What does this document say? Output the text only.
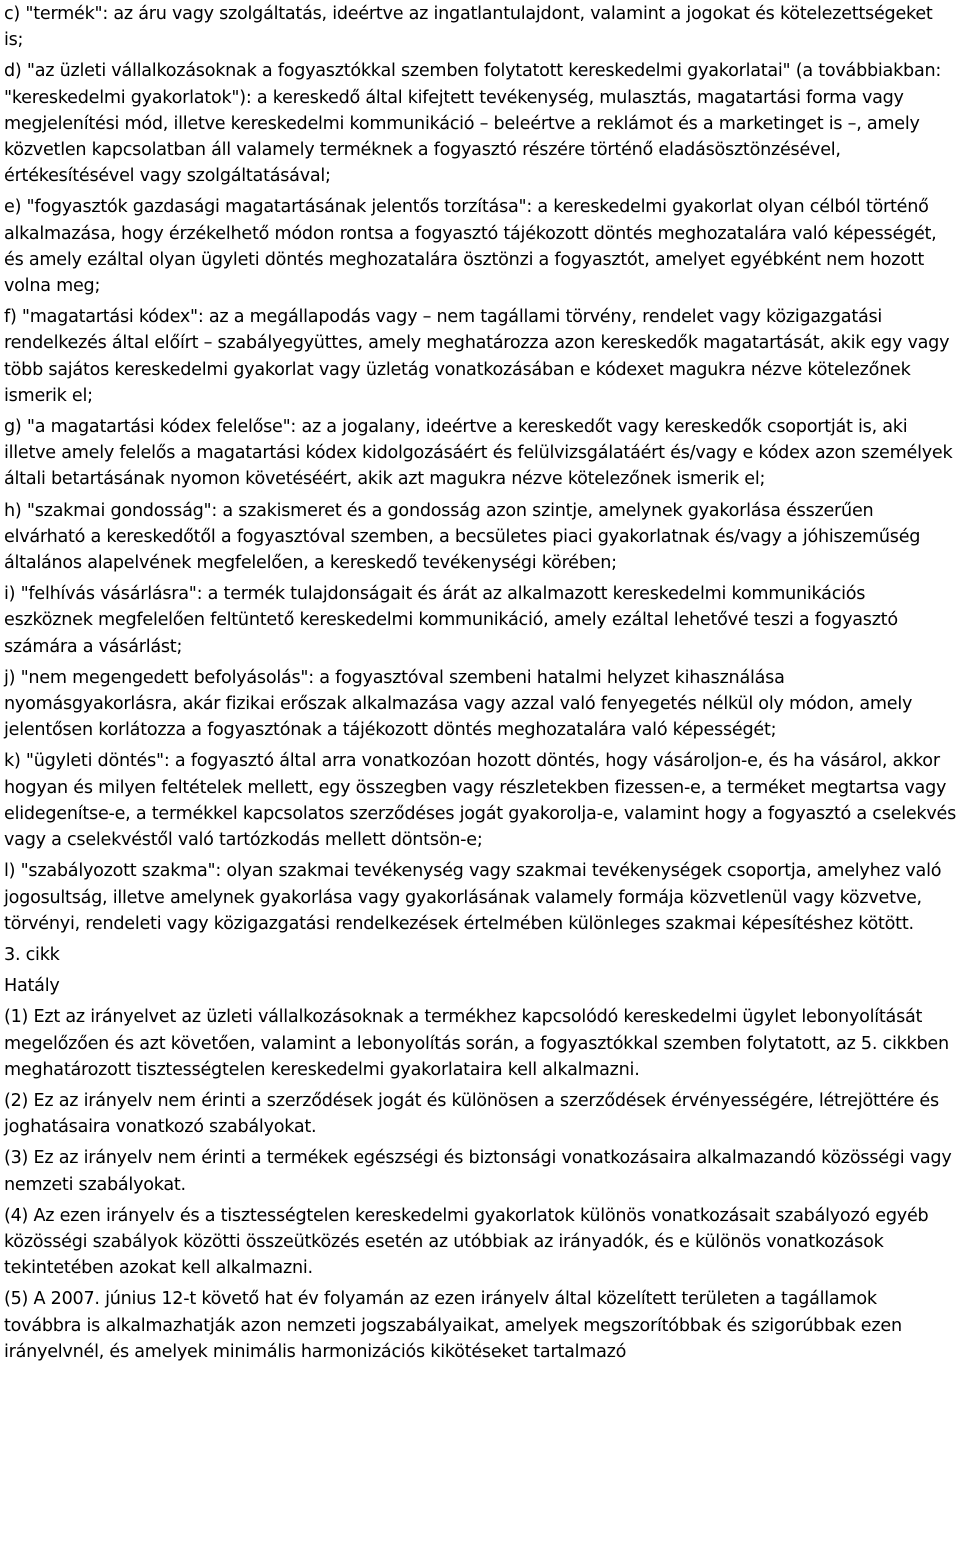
c) "termék": az áru vagy szolgáltatás, ideértve az ingatlantulajdont, valamint a jogokat és kötelezettségeket is;

d) "az üzleti vállalkozásoknak a fogyasztókkal szemben folytatott kereskedelmi gyakorlatai" (a továbbiakban: "kereskedelmi gyakorlatok"): a kereskedő által kifejtett tevékenység, mulasztás, magatartási forma vagy megjelenítési mód, illetve kereskedelmi kommunikáció – beleértve a reklámot és a marketinget is –, amely közvetlen kapcsolatban áll valamely terméknek a fogyasztó részére történő eladásösztönzésével, értékesítésével vagy szolgáltatásával;

e) "fogyasztók gazdasági magatartásának jelentős torzítása": a kereskedelmi gyakorlat olyan célból történő alkalmazása, hogy érzékelhető módon rontsa a fogyasztó tájékozott döntés meghozatalára való képességét, és amely ezáltal olyan ügyleti döntés meghozatalára ösztönzi a fogyasztót, amelyet egyébként nem hozott volna meg;

f) "magatartási kódex": az a megállapodás vagy – nem tagállami törvény, rendelet vagy közigazgatási rendelkezés által előírt – szabályegyüttes, amely meghatározza azon kereskedők magatartását, akik egy vagy több sajátos kereskedelmi gyakorlat vagy üzletág vonatkozásában e kódexet magukra nézve kötelezőnek ismerik el;

g) "a magatartási kódex felelőse": az a jogalany, ideértve a kereskedőt vagy kereskedők csoportját is, aki illetve amely felelős a magatartási kódex kidolgozásáért és felülvizsgálatáért és/vagy e kódex azon személyek általi betartásának nyomon követéséért, akik azt magukra nézve kötelezőnek ismerik el;

h) "szakmai gondosság": a szakismeret és a gondosság azon szintje, amelynek gyakorlása ésszerűen elvárható a kereskedőtől a fogyasztóval szemben, a becsületes piaci gyakorlatnak és/vagy a jóhiszeműség általános alapelvének megfelelően, a kereskedő tevékenységi körében;

i) "felhívás vásárlásra": a termék tulajdonságait és árát az alkalmazott kereskedelmi kommunikációs eszköznek megfelelően feltüntető kereskedelmi kommunikáció, amely ezáltal lehetővé teszi a fogyasztó számára a vásárlást;

j) "nem megengedett befolyásolás": a fogyasztóval szembeni hatalmi helyzet kihasználása nyomásgyakorlásra, akár fizikai erőszak alkalmazása vagy azzal való fenyegetés nélkül oly módon, amely jelentősen korlátozza a fogyasztónak a tájékozott döntés meghozatalára való képességét;

k) "ügyleti döntés": a fogyasztó által arra vonatkozóan hozott döntés, hogy vásároljon-e, és ha vásárol, akkor hogyan és milyen feltételek mellett, egy összegben vagy részletekben fizessen-e, a terméket megtartsa vagy elidegenítse-e, a termékkel kapcsolatos szerződéses jogát gyakorolja-e, valamint hogy a fogyasztó a cselekvés vagy a cselekvéstől való tartózkodás mellett döntsön-e;

l) "szabályozott szakma": olyan szakmai tevékenység vagy szakmai tevékenységek csoportja, amelyhez való jogosultság, illetve amelynek gyakorlása vagy gyakorlásának valamely formája közvetlenül vagy közvetve, törvényi, rendeleti vagy közigazgatási rendelkezések értelmében különleges szakmai képesítéshez kötött.

3. cikk

Hatály

(1) Ezt az irányelvet az üzleti vállalkozásoknak a termékhez kapcsolódó kereskedelmi ügylet lebonyolítását megelőzően és azt követően, valamint a lebonyolítás során, a fogyasztókkal szemben folytatott, az 5. cikkben meghatározott tisztességtelen kereskedelmi gyakorlataira kell alkalmazni.

(2) Ez az irányelv nem érinti a szerződések jogát és különösen a szerződések érvényességére, létrejöttére és joghatásaira vonatkozó szabályokat.

(3) Ez az irányelv nem érinti a termékek egészségi és biztonsági vonatkozásaira alkalmazandó közösségi vagy nemzeti szabályokat.

(4) Az ezen irányelv és a tisztességtelen kereskedelmi gyakorlatok különös vonatkozásait szabályozó egyéb közösségi szabályok közötti összeütközés esetén az utóbbiak az irányadók, és e különös vonatkozások tekintetében azokat kell alkalmazni.

(5) A 2007. június 12-t követő hat év folyamán az ezen irányelv által közelített területen a tagállamok továbbra is alkalmazhatják azon nemzeti jogszabályaikat, amelyek megszorítóbbak és szigorúbbak ezen irányelvnél, és amelyek minimális harmonizációs kikötéseket tartalmazó
